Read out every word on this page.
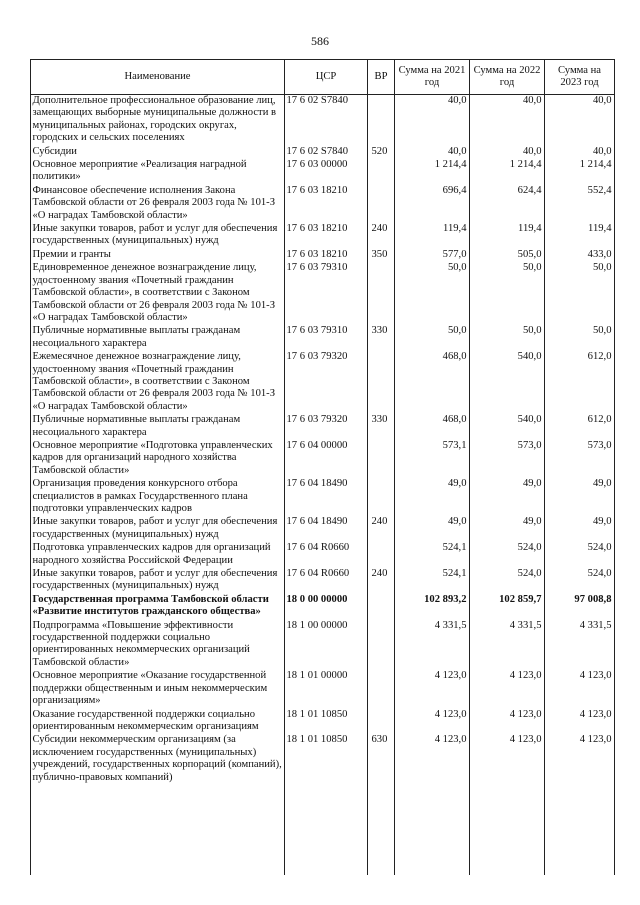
586
Наименование	ЦСР	ВР	Сумма на 2021 год	Сумма на 2022 год	Сумма на 2023 год
Дополнительное профессиональное образование лиц, замещающих выборные муниципальные должности в муниципальных районах, городских округах, городских и сельских поселениях	17 6 02 S7840		40,0	40,0	40,0
Субсидии	17 6 02 S7840	520	40,0	40,0	40,0
Основное мероприятие «Реализация наградной политики»	17 6 03 00000		1 214,4	1 214,4	1 214,4
Финансовое обеспечение исполнения Закона Тамбовской области от 26 февраля 2003 года № 101-З «О наградах Тамбовской области»	17 6 03 18210		696,4	624,4	552,4
Иные закупки товаров, работ и услуг для обеспечения государственных (муниципальных) нужд	17 6 03 18210	240	119,4	119,4	119,4
Премии и гранты	17 6 03 18210	350	577,0	505,0	433,0
Единовременное денежное вознаграждение лицу, удостоенному звания «Почетный гражданин Тамбовской области», в соответствии с Законом Тамбовской области от 26 февраля 2003 года № 101-З «О наградах Тамбовской области»	17 6 03 79310		50,0	50,0	50,0
Публичные нормативные выплаты гражданам несоциального характера	17 6 03 79310	330	50,0	50,0	50,0
Ежемесячное денежное вознаграждение лицу, удостоенному звания «Почетный гражданин Тамбовской области», в соответствии с Законом Тамбовской области от 26 февраля 2003 года № 101-З «О наградах Тамбовской области»	17 6 03 79320		468,0	540,0	612,0
Публичные нормативные выплаты гражданам несоциального характера	17 6 03 79320	330	468,0	540,0	612,0
Основное мероприятие «Подготовка управленческих кадров для организаций народного хозяйства Тамбовской области»	17 6 04 00000		573,1	573,0	573,0
Организация проведения конкурсного отбора специалистов в рамках Государственного плана подготовки управленческих кадров	17 6 04 18490		49,0	49,0	49,0
Иные закупки товаров, работ и услуг для обеспечения государственных (муниципальных) нужд	17 6 04 18490	240	49,0	49,0	49,0
Подготовка управленческих кадров для организаций народного хозяйства Российской Федерации	17 6 04 R0660		524,1	524,0	524,0
Иные закупки товаров, работ и услуг для обеспечения государственных (муниципальных) нужд	17 6 04 R0660	240	524,1	524,0	524,0
Государственная программа Тамбовской области «Развитие институтов гражданского общества»	18 0 00 00000		102 893,2	102 859,7	97 008,8
Подпрограмма «Повышение эффективности государственной поддержки социально ориентированных некоммерческих организаций Тамбовской области»	18 1 00 00000		4 331,5	4 331,5	4 331,5
Основное мероприятие «Оказание государственной поддержки общественным и иным некоммерческим организациям»	18 1 01 00000		4 123,0	4 123,0	4 123,0
Оказание государственной поддержки социально ориентированным некоммерческим организациям	18 1 01 10850		4 123,0	4 123,0	4 123,0
Субсидии некоммерческим организациям (за исключением государственных (муниципальных) учреждений, государственных корпораций (компаний), публично-правовых компаний)	18 1 01 10850	630	4 123,0	4 123,0	4 123,0
